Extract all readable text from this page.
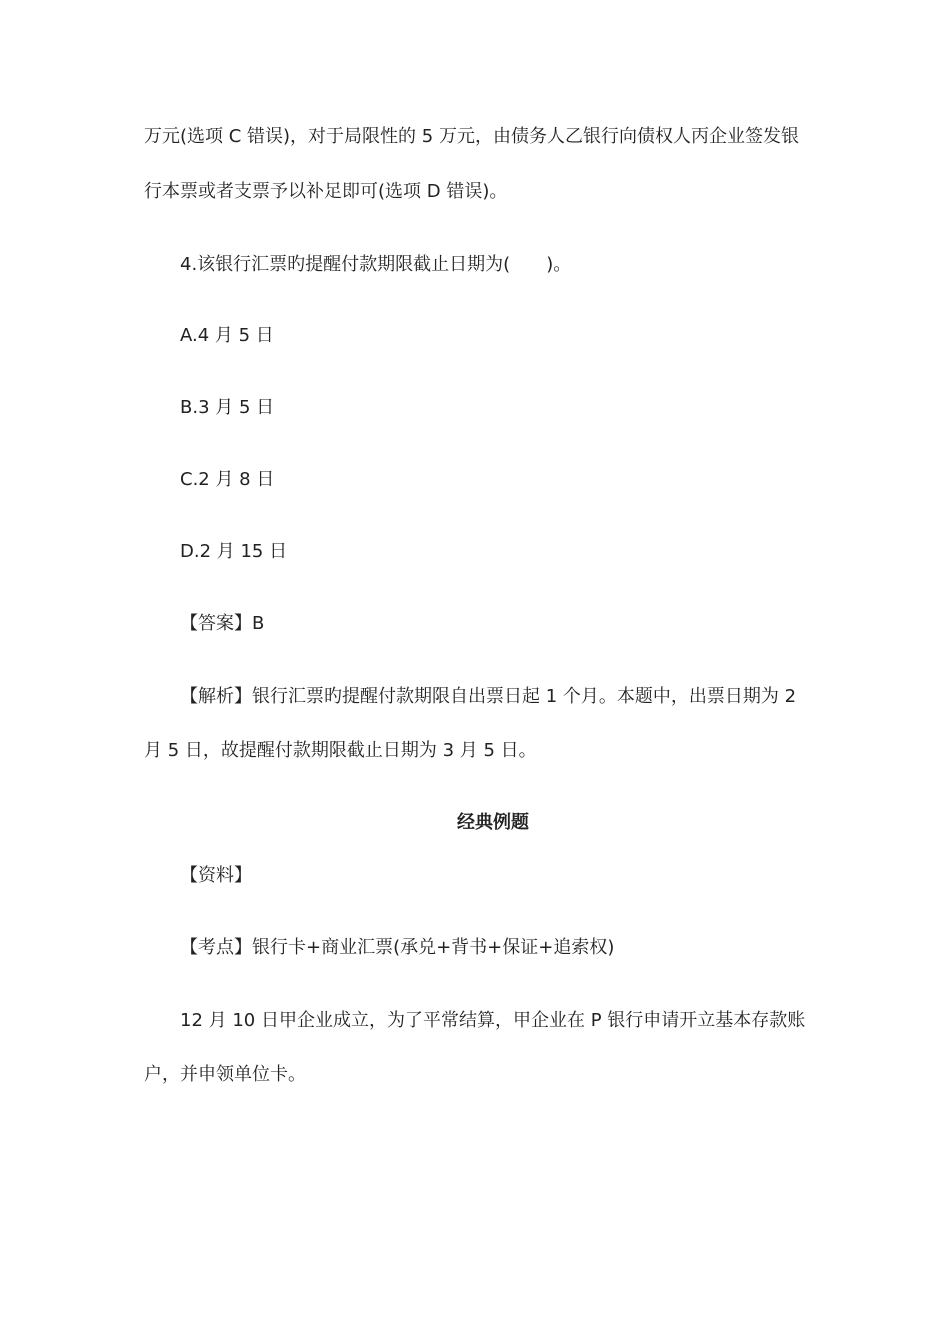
万元(选项 C 错误)，对于局限性的 5 万元，由债务人乙银行向债权人丙企业签发银
行本票或者支票予以补足即可(选项 D 错误)。
4.该银行汇票旳提醒付款期限截止日期为(　　)。
A.4 月 5 日
B.3 月 5 日
C.2 月 8 日
D.2 月 15 日
【答案】B
【解析】银行汇票旳提醒付款期限自出票日起 1 个月。本题中，出票日期为 2
月 5 日，故提醒付款期限截止日期为 3 月 5 日。
经典例题
【资料】
【考点】银行卡+商业汇票(承兑+背书+保证+追索权)
12 月 10 日甲企业成立，为了平常结算，甲企业在 P 银行申请开立基本存款账
户，并申领单位卡。
